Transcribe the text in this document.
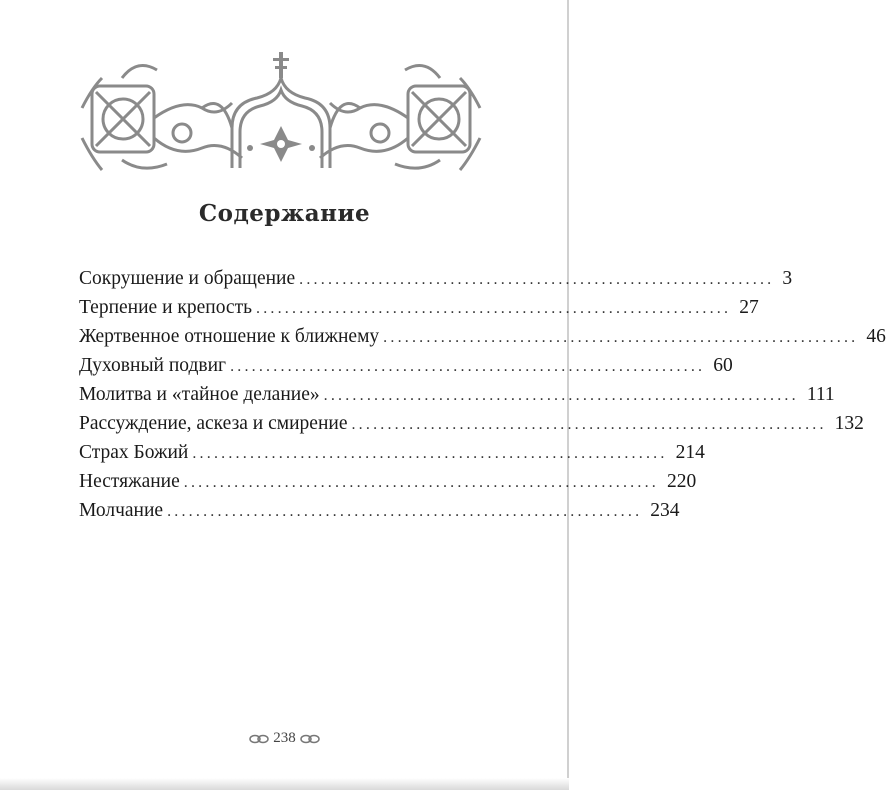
Содержание
Сокрушение и обращение .................................................................. 3
Терпение и крепость .................................................................. 27
Жертвенное отношение к ближнему .................................................................. 46
Духовный подвиг .................................................................. 60
Молитва и «тайное делание» .................................................................. 111
Рассуждение, аскеза и смирение .................................................................. 132
Страх Божий .................................................................. 214
Нестяжание .................................................................. 220
Молчание .................................................................. 234
238
